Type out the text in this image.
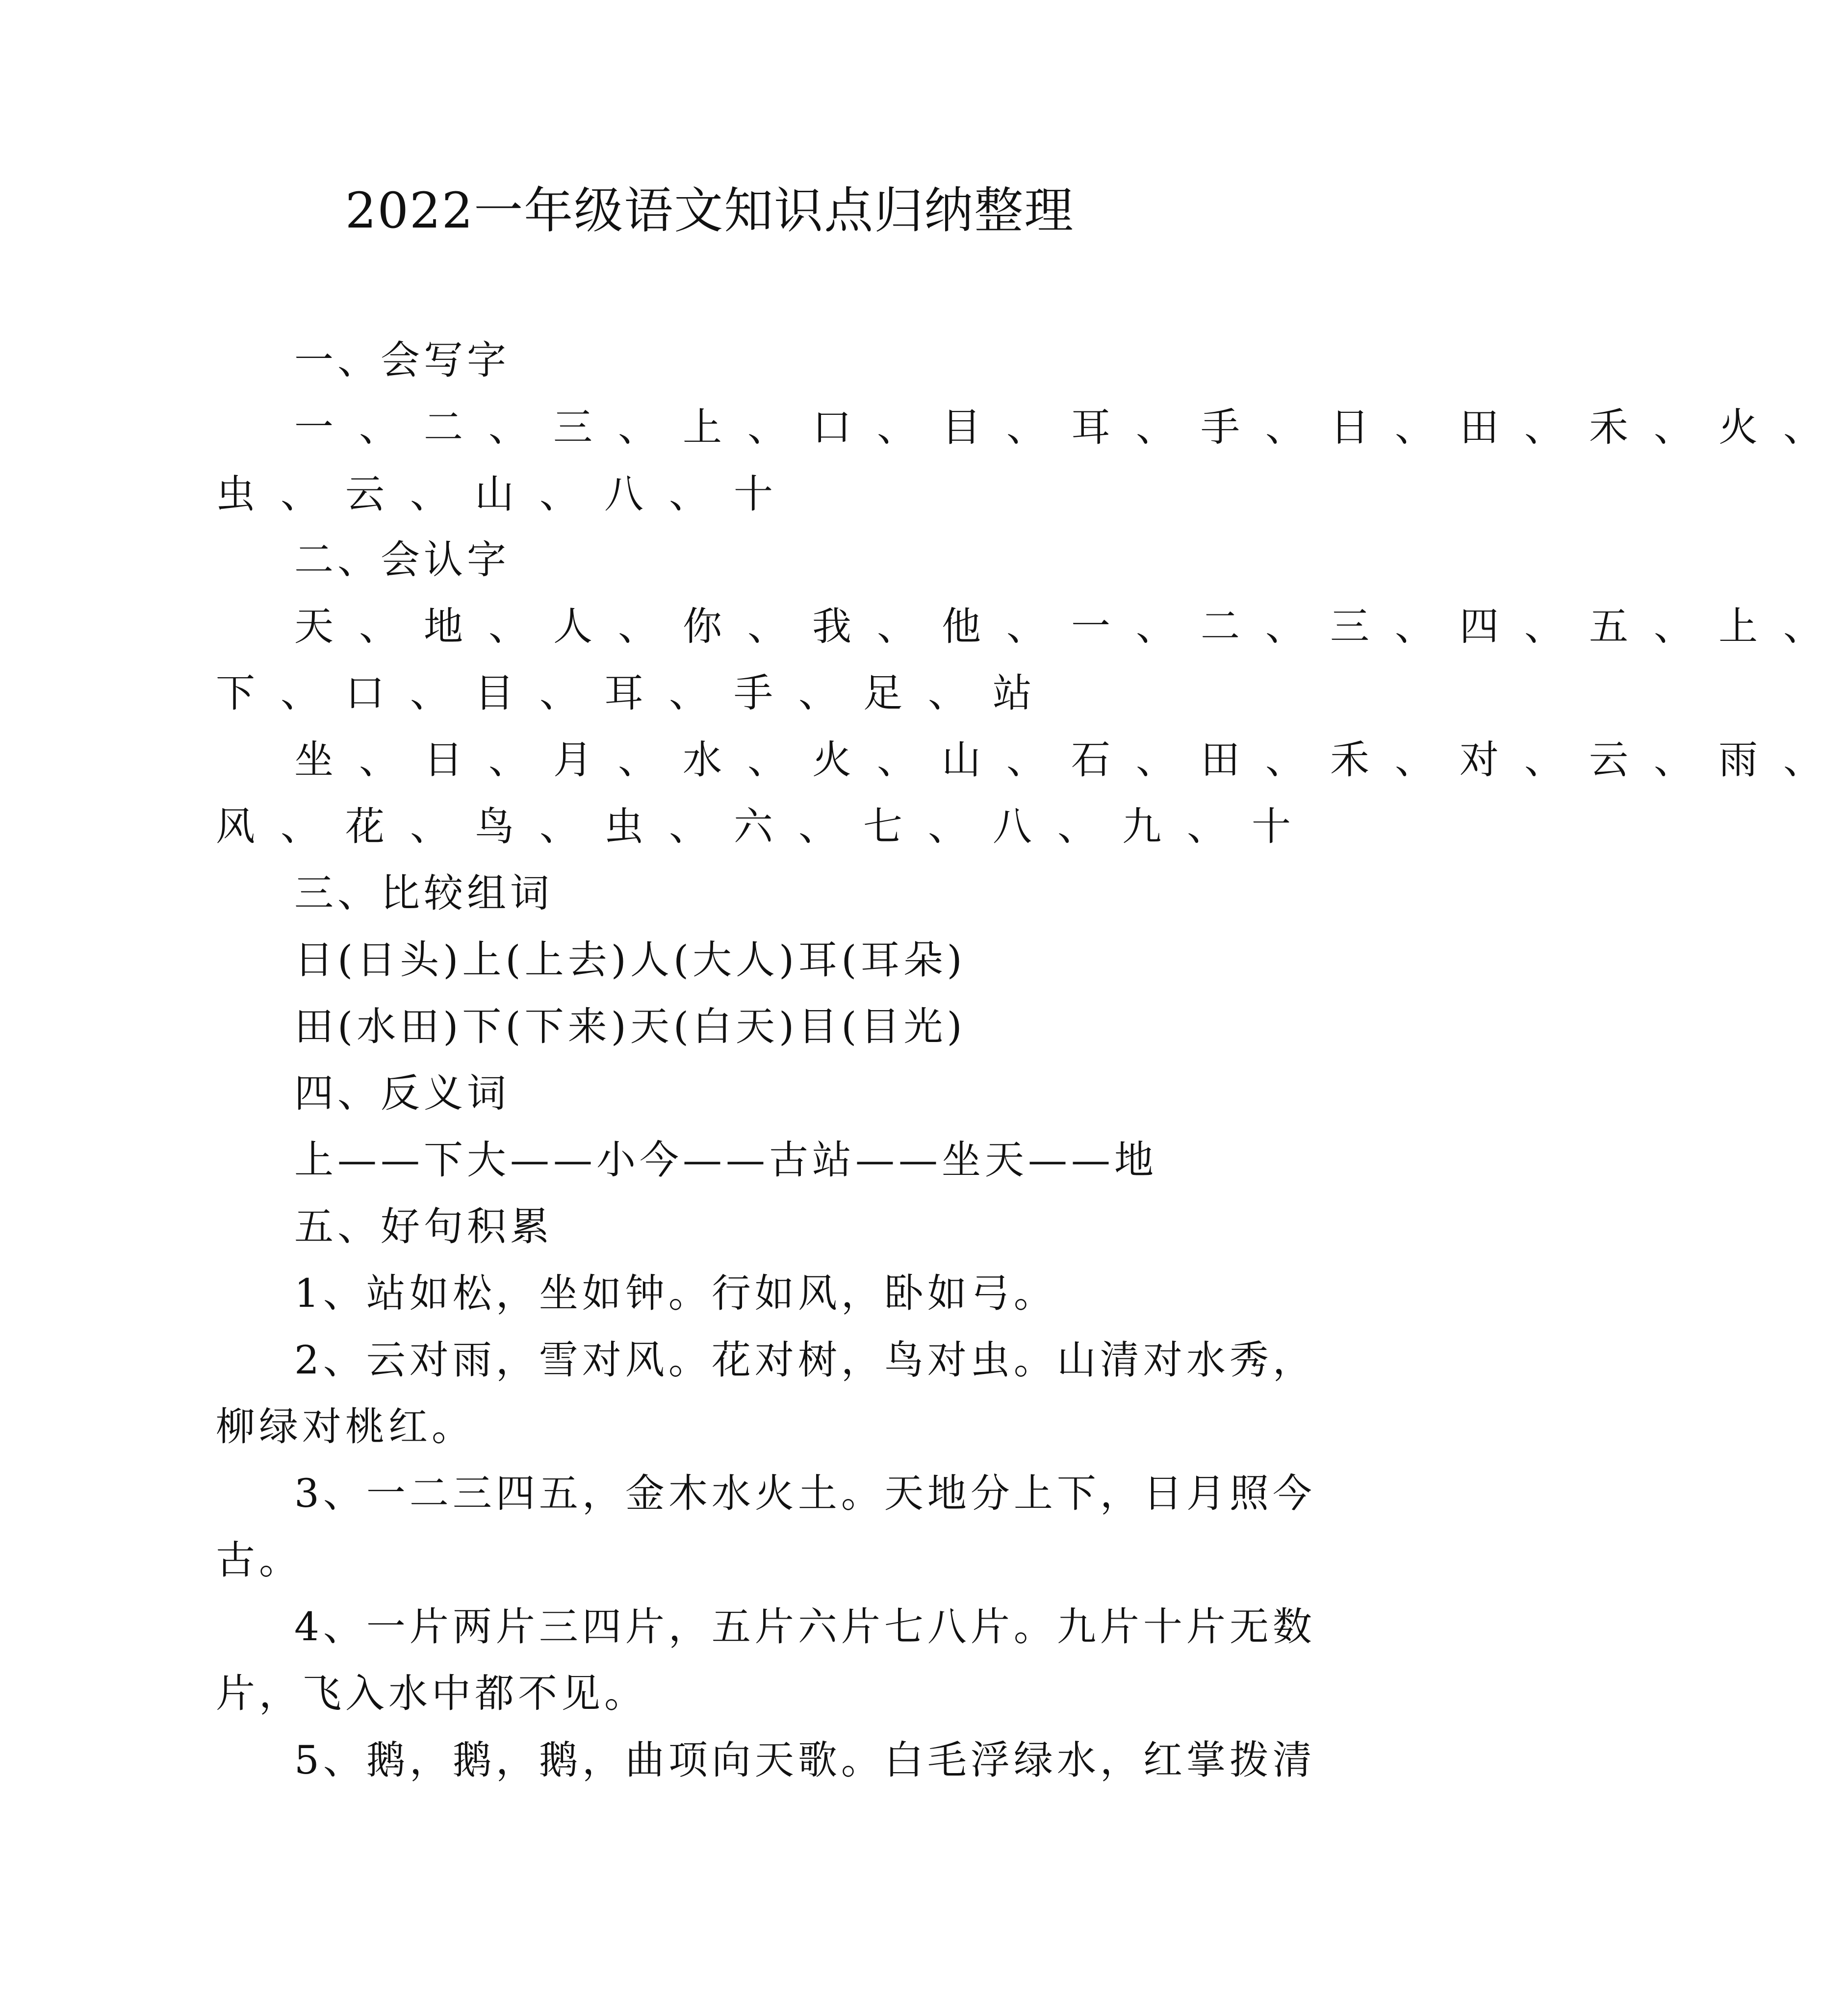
2022一年级语文知识点归纳整理
一、会写字
一、二、三、上、口、目、耳、手、日、田、禾、火、
虫、云、山、八、十
二、会认字
天、地、人、你、我、他、一、二、三、四、五、上、
下、口、目、耳、手、足、站
坐、日、月、水、火、山、石、田、禾、对、云、雨、
风、花、鸟、虫、六、七、八、九、十
三、比较组词
日(日头)上(上去)人(大人)耳(耳朵)
田(水田)下(下来)天(白天)目(目光)
四、反义词
上——下大——小今——古站——坐天——地
五、好句积累
1、站如松，坐如钟。行如风，卧如弓。
2、云对雨，雪对风。花对树，鸟对虫。山清对水秀，
柳绿对桃红。
3、一二三四五，金木水火土。天地分上下，日月照今
古。
4、一片两片三四片，五片六片七八片。九片十片无数
片，飞入水中都不见。
5、鹅，鹅，鹅，曲项向天歌。白毛浮绿水，红掌拨清
